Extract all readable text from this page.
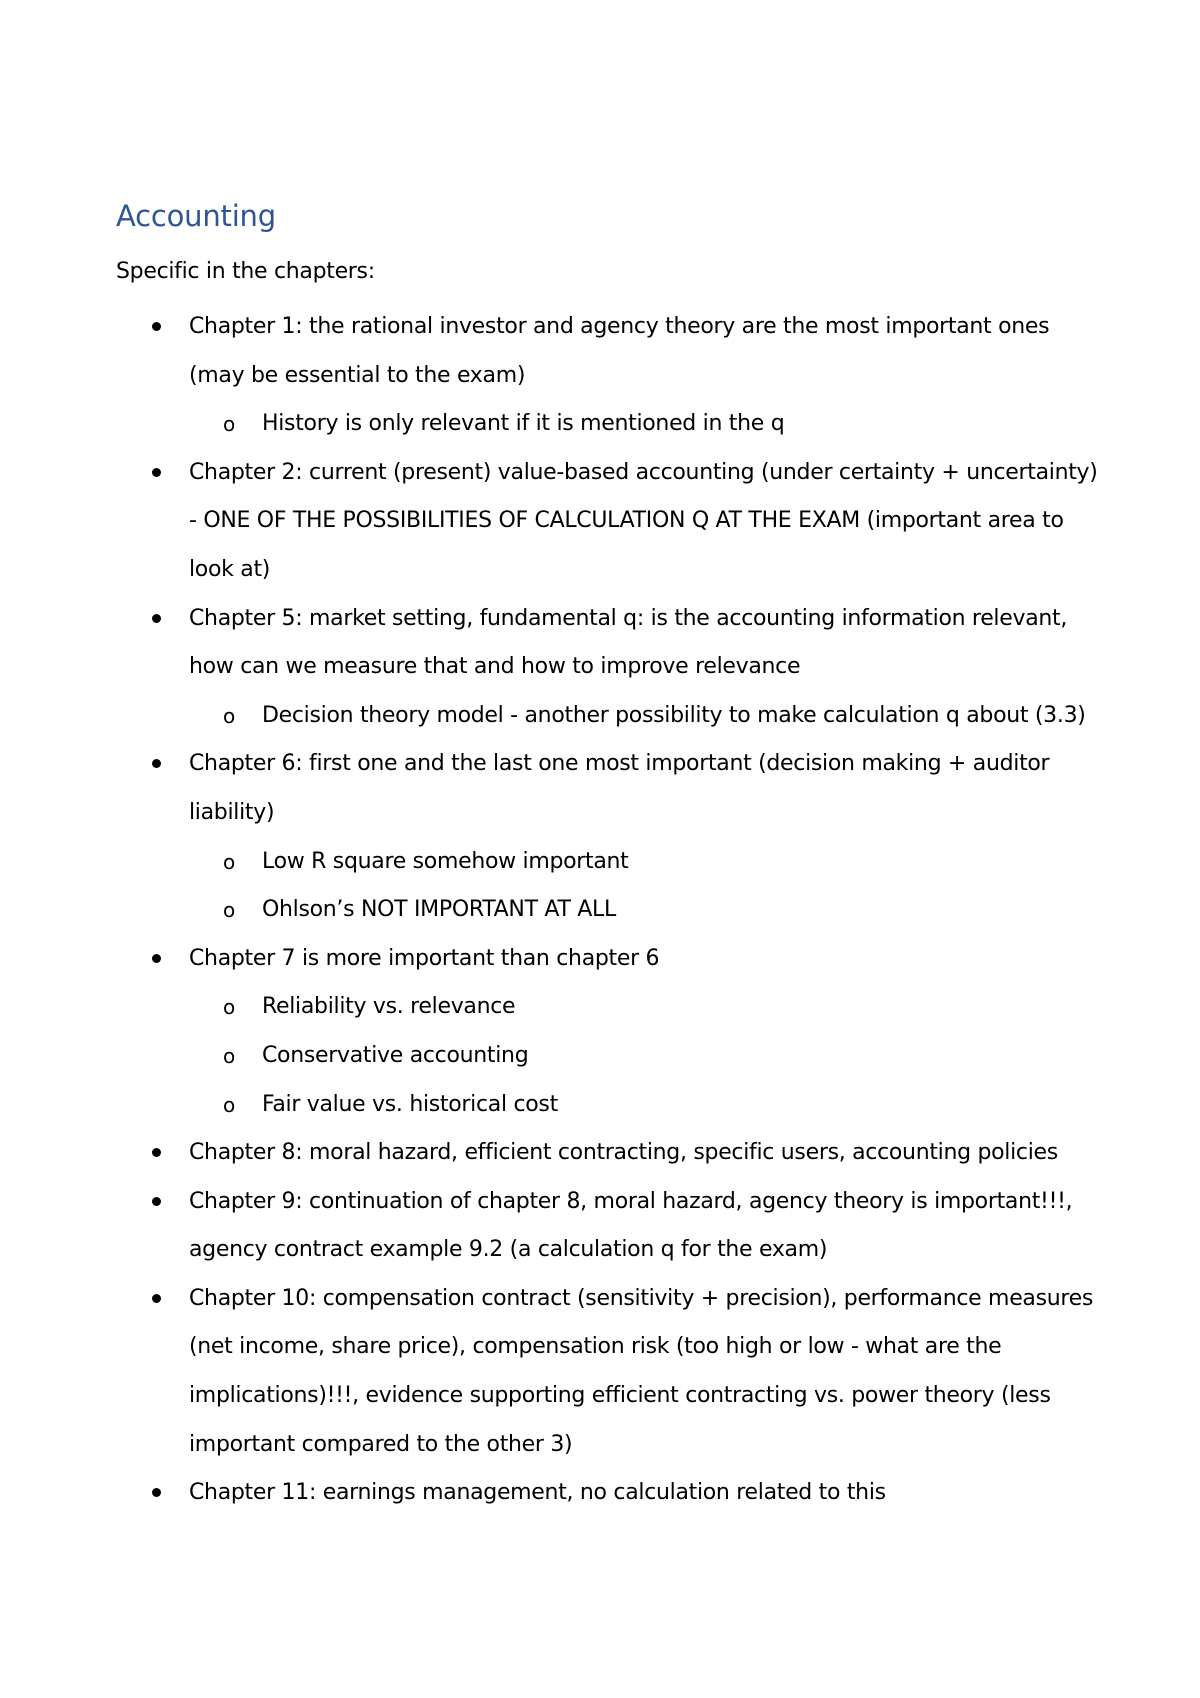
Accounting

Specific in the chapters:

Chapter 1: the rational investor and agency theory are the most important ones (may be essential to the exam)
o History is only relevant if it is mentioned in the q
Chapter 2: current (present) value-based accounting (under certainty + uncertainty) - ONE OF THE POSSIBILITIES OF CALCULATION Q AT THE EXAM (important area to look at)
Chapter 5: market setting, fundamental q: is the accounting information relevant, how can we measure that and how to improve relevance
o Decision theory model - another possibility to make calculation q about (3.3)
Chapter 6: first one and the last one most important (decision making + auditor liability)
o Low R square somehow important
o Ohlson’s NOT IMPORTANT AT ALL
Chapter 7 is more important than chapter 6
o Reliability vs. relevance
o Conservative accounting
o Fair value vs. historical cost
Chapter 8: moral hazard, efficient contracting, specific users, accounting policies
Chapter 9: continuation of chapter 8, moral hazard, agency theory is important!!!, agency contract example 9.2 (a calculation q for the exam)
Chapter 10: compensation contract (sensitivity + precision), performance measures (net income, share price), compensation risk (too high or low - what are the implications)!!!, evidence supporting efficient contracting vs. power theory (less important compared to the other 3)
Chapter 11: earnings management, no calculation related to this
